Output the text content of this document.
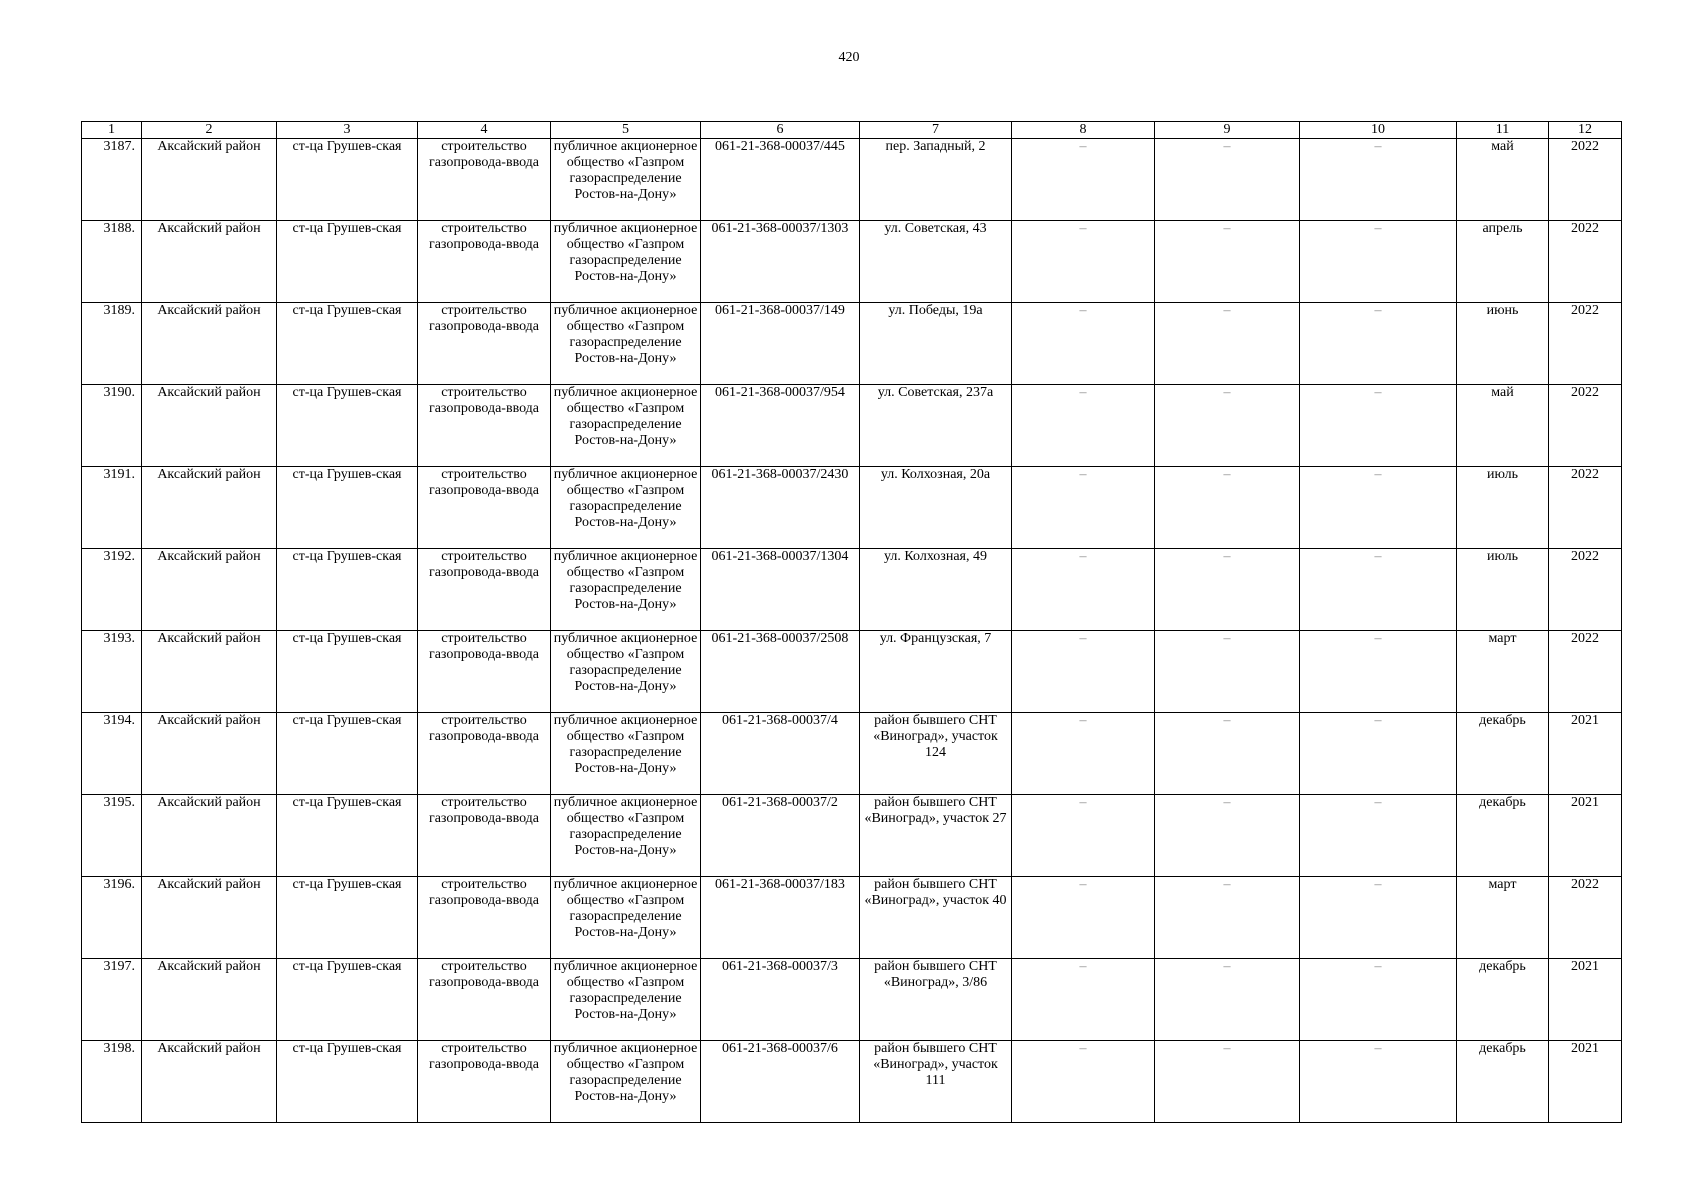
420
1	2	3	4	5	6	7	8	9	10	11	12
3187.	Аксайский район	ст-ца Грушев-ская	строительство газопровода-ввода	публичное акционерное общество «Газпром газораспределение Ростов-на-Дону»	061-21-368-00037/445	пер. Западный, 2	–	–	–	май	2022
3188.	Аксайский район	ст-ца Грушев-ская	строительство газопровода-ввода	публичное акционерное общество «Газпром газораспределение Ростов-на-Дону»	061-21-368-00037/1303	ул. Советская, 43	–	–	–	апрель	2022
3189.	Аксайский район	ст-ца Грушев-ская	строительство газопровода-ввода	публичное акционерное общество «Газпром газораспределение Ростов-на-Дону»	061-21-368-00037/149	ул. Победы, 19а	–	–	–	июнь	2022
3190.	Аксайский район	ст-ца Грушев-ская	строительство газопровода-ввода	публичное акционерное общество «Газпром газораспределение Ростов-на-Дону»	061-21-368-00037/954	ул. Советская, 237а	–	–	–	май	2022
3191.	Аксайский район	ст-ца Грушев-ская	строительство газопровода-ввода	публичное акционерное общество «Газпром газораспределение Ростов-на-Дону»	061-21-368-00037/2430	ул. Колхозная, 20а	–	–	–	июль	2022
3192.	Аксайский район	ст-ца Грушев-ская	строительство газопровода-ввода	публичное акционерное общество «Газпром газораспределение Ростов-на-Дону»	061-21-368-00037/1304	ул. Колхозная, 49	–	–	–	июль	2022
3193.	Аксайский район	ст-ца Грушев-ская	строительство газопровода-ввода	публичное акционерное общество «Газпром газораспределение Ростов-на-Дону»	061-21-368-00037/2508	ул. Французская, 7	–	–	–	март	2022
3194.	Аксайский район	ст-ца Грушев-ская	строительство газопровода-ввода	публичное акционерное общество «Газпром газораспределение Ростов-на-Дону»	061-21-368-00037/4	район бывшего СНТ «Виноград», участок 124	–	–	–	декабрь	2021
3195.	Аксайский район	ст-ца Грушев-ская	строительство газопровода-ввода	публичное акционерное общество «Газпром газораспределение Ростов-на-Дону»	061-21-368-00037/2	район бывшего СНТ «Виноград», участок 27	–	–	–	декабрь	2021
3196.	Аксайский район	ст-ца Грушев-ская	строительство газопровода-ввода	публичное акционерное общество «Газпром газораспределение Ростов-на-Дону»	061-21-368-00037/183	район бывшего СНТ «Виноград», участок 40	–	–	–	март	2022
3197.	Аксайский район	ст-ца Грушев-ская	строительство газопровода-ввода	публичное акционерное общество «Газпром газораспределение Ростов-на-Дону»	061-21-368-00037/3	район бывшего СНТ «Виноград», 3/86	–	–	–	декабрь	2021
3198.	Аксайский район	ст-ца Грушев-ская	строительство газопровода-ввода	публичное акционерное общество «Газпром газораспределение Ростов-на-Дону»	061-21-368-00037/6	район бывшего СНТ «Виноград», участок 111	–	–	–	декабрь	2021
